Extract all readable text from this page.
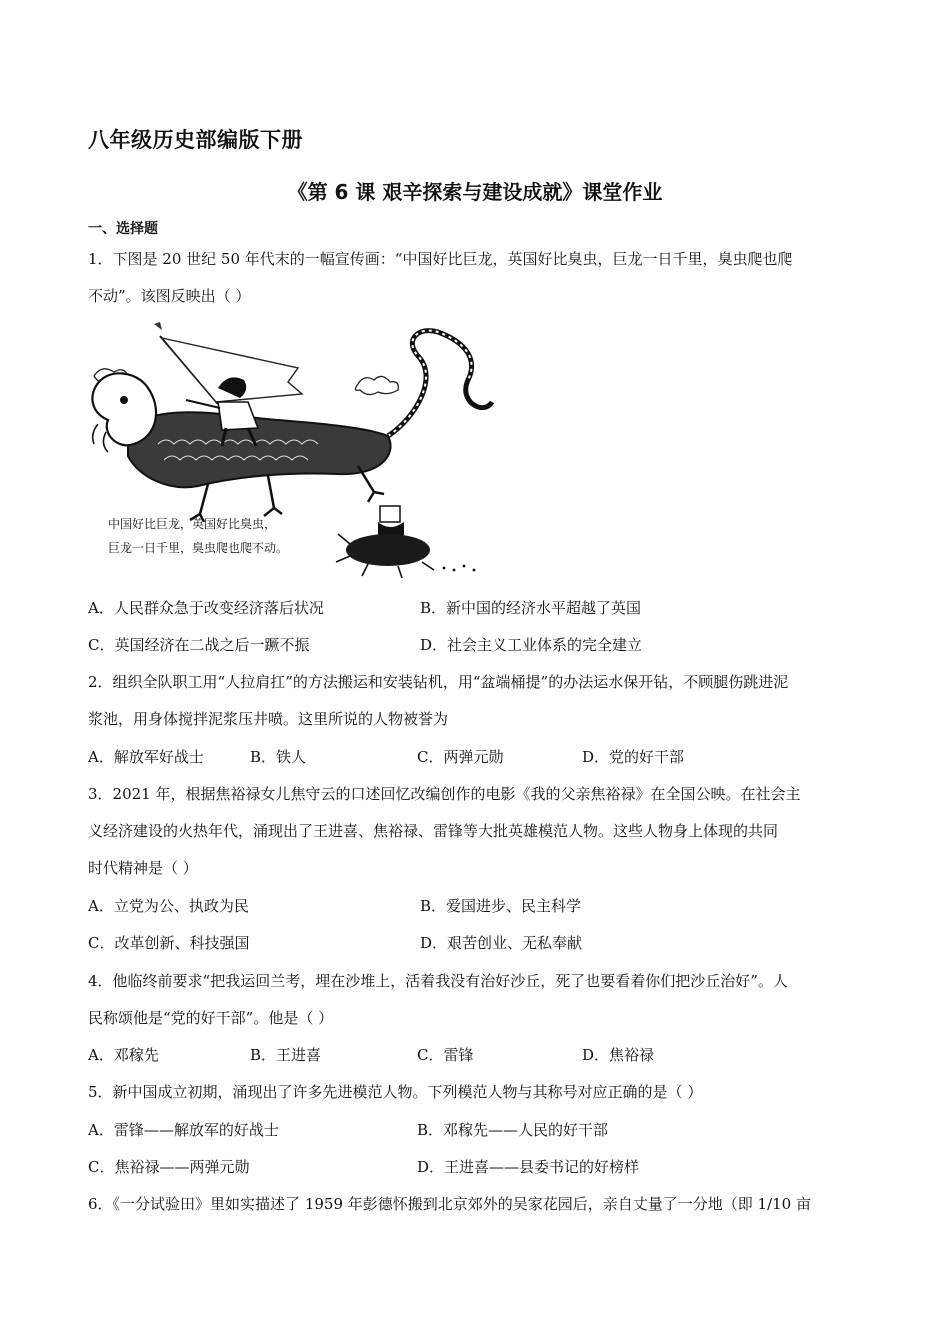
八年级历史部编版下册
《第 6 课 艰辛探索与建设成就》课堂作业
一、选择题
1．下图是 20 世纪 50 年代末的一幅宣传画：“中国好比巨龙，英国好比臭虫，巨龙一日千里，臭虫爬也爬
不动”。该图反映出（ ）
中国好比巨龙，英国好比臭虫，
巨龙一日千里，臭虫爬也爬不动。
A．人民群众急于改变经济落后状况	B．新中国的经济水平超越了英国
C．英国经济在二战之后一蹶不振	D．社会主义工业体系的完全建立
2．组织全队职工用“人拉肩扛”的方法搬运和安装钻机，用“盆端桶提”的办法运水保开钻，不顾腿伤跳进泥
浆池，用身体搅拌泥浆压井喷。这里所说的人物被誉为
A．解放军好战士	B．铁人	C．两弹元勋	D．党的好干部
3．2021 年，根据焦裕禄女儿焦守云的口述回忆改编创作的电影《我的父亲焦裕禄》在全国公映。在社会主
义经济建设的火热年代，涌现出了王进喜、焦裕禄、雷锋等大批英雄模范人物。这些人物身上体现的共同
时代精神是（ ）
A．立党为公、执政为民	B．爱国进步、民主科学
C．改革创新、科技强国	D．艰苦创业、无私奉献
4．他临终前要求“把我运回兰考，埋在沙堆上，活着我没有治好沙丘，死了也要看着你们把沙丘治好”。人
民称颂他是“党的好干部”。他是（ ）
A．邓稼先	B．王进喜	C．雷锋	D．焦裕禄
5．新中国成立初期，涌现出了许多先进模范人物。下列模范人物与其称号对应正确的是（ ）
A．雷锋——解放军的好战士	B．邓稼先——人民的好干部
C．焦裕禄——两弹元勋	D．王进喜——县委书记的好榜样
6．《一分试验田》里如实描述了 1959 年彭德怀搬到北京郊外的吴家花园后，亲自丈量了一分地（即 1/10 亩
